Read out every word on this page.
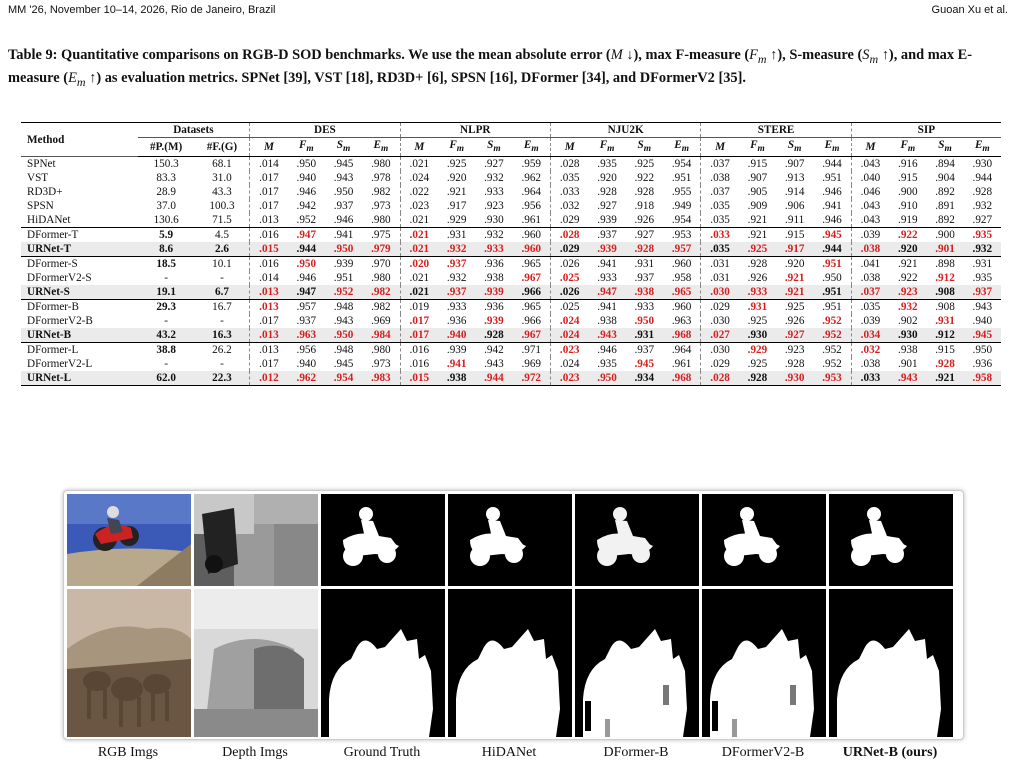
MM '26, November 10–14, 2026, Rio de Janeiro, Brazil	Guoan Xu et al.
Table 9: Quantitative comparisons on RGB-D SOD benchmarks. We use the mean absolute error (M ↓), max F-measure ($F_m$ ↑), S-measure ($S_m$ ↑), and max E-measure ($E_m$ ↑) as evaluation metrics. SPNet [39], VST [18], RD3D+ [6], SPSN [16], DFormer [34], and DFormerV2 [35].
Method	Datasets		DES				NLPR				NJU2K				STERE				SIP			
	#P.(M)	#F.(G)	M	$F_m$	$S_m$	$E_m$	M	$F_m$	$S_m$	$E_m$	M	$F_m$	$S_m$	$E_m$	M	$F_m$	$S_m$	$E_m$	M	$F_m$	$S_m$	$E_m$
SPNet	150.3	68.1	.014	.950	.945	.980	.021	.925	.927	.959	.028	.935	.925	.954	.037	.915	.907	.944	.043	.916	.894	.930
VST	83.3	31.0	.017	.940	.943	.978	.024	.920	.932	.962	.035	.920	.922	.951	.038	.907	.913	.951	.040	.915	.904	.944
RD3D+	28.9	43.3	.017	.946	.950	.982	.022	.921	.933	.964	.033	.928	.928	.955	.037	.905	.914	.946	.046	.900	.892	.928
SPSN	37.0	100.3	.017	.942	.937	.973	.023	.917	.923	.956	.032	.927	.918	.949	.035	.909	.906	.941	.043	.910	.891	.932
HiDANet	130.6	71.5	.013	.952	.946	.980	.021	.929	.930	.961	.029	.939	.926	.954	.035	.921	.911	.946	.043	.919	.892	.927
DFormer-T	5.9	4.5	.016	.947	.941	.975	.021	.931	.932	.960	.028	.937	.927	.953	.033	.921	.915	.945	.039	.922	.900	.935
URNet-T	8.6	2.6	.015	.944	.950	.979	.021	.932	.933	.960	.029	.939	.928	.957	.035	.925	.917	.944	.038	.920	.901	.932
DFormer-S	18.5	10.1	.016	.950	.939	.970	.020	.937	.936	.965	.026	.941	.931	.960	.031	.928	.920	.951	.041	.921	.898	.931
DFormerV2-S	-	-	.014	.946	.951	.980	.021	.932	.938	.967	.025	.933	.937	.958	.031	.926	.921	.950	.038	.922	.912	.935
URNet-S	19.1	6.7	.013	.947	.952	.982	.021	.937	.939	.966	.026	.947	.938	.965	.030	.933	.921	.951	.037	.923	.908	.937
DFormer-B	29.3	16.7	.013	.957	.948	.982	.019	.933	.936	.965	.025	.941	.933	.960	.029	.931	.925	.951	.035	.932	.908	.943
DFormerV2-B	-	-	.017	.937	.943	.969	.017	.936	.939	.966	.024	.938	.950	.963	.030	.925	.926	.952	.039	.902	.931	.940
URNet-B	43.2	16.3	.013	.963	.950	.984	.017	.940	.928	.967	.024	.943	.931	.968	.027	.930	.927	.952	.034	.930	.912	.945
DFormer-L	38.8	26.2	.013	.956	.948	.980	.016	.939	.942	.971	.023	.946	.937	.964	.030	.929	.923	.952	.032	.938	.915	.950
DFormerV2-L	-	-	.017	.940	.945	.973	.016	.941	.943	.969	.024	.935	.945	.961	.029	.925	.928	.952	.038	.901	.928	.936
URNet-L	62.0	22.3	.012	.962	.954	.983	.015	.938	.944	.972	.023	.950	.934	.968	.028	.928	.930	.953	.033	.943	.921	.958
RGB Imgs	Depth Imgs	Ground Truth	HiDANet	DFormer-B	DFormerV2-B	URNet-B (ours)
